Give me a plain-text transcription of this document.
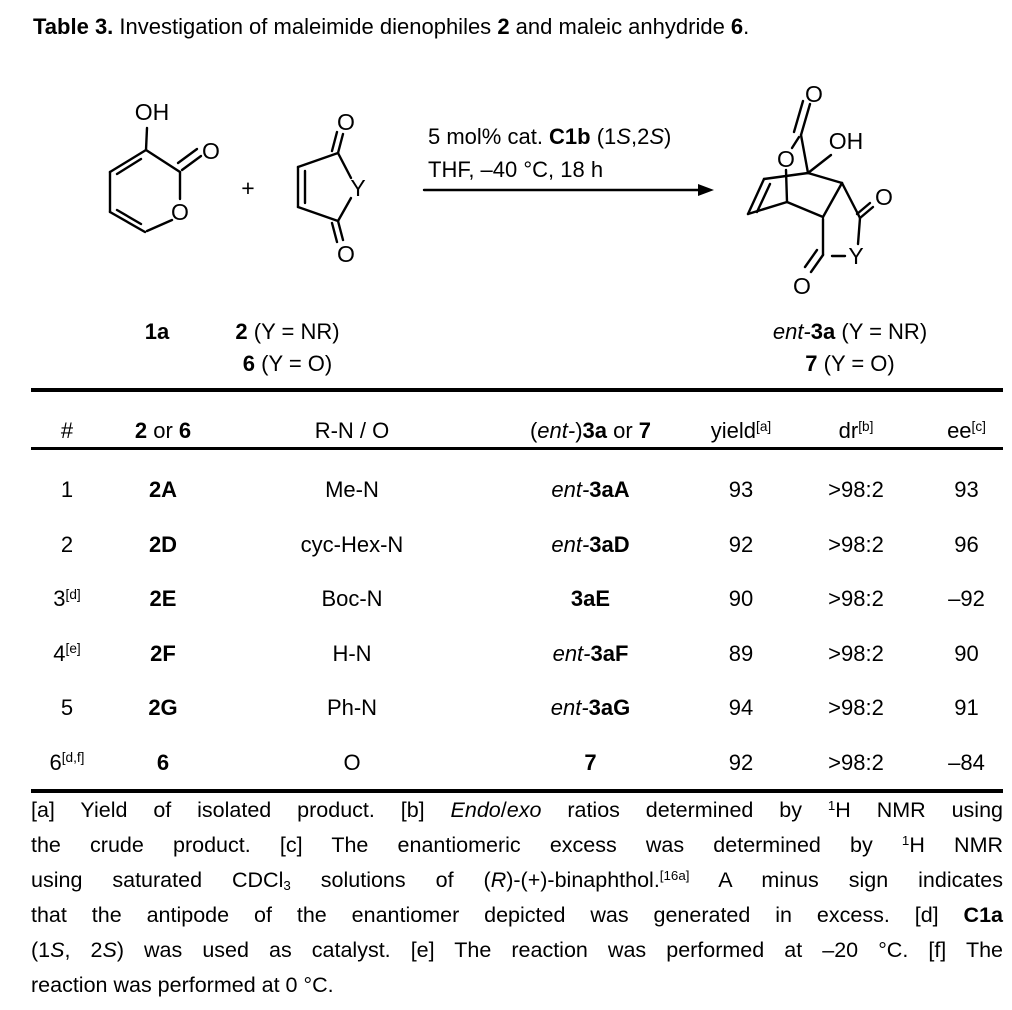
Table 3. Investigation of maleimide dienophiles 2 and maleic anhydride 6.
OH
O
O
+
O
O
Y
O
O
OH
O
O
Y
5 mol% cat. C1b (1S,2S)
THF, –40 °C, 18 h
1a	2 (Y = NR)
6 (Y = O)
ent-3a (Y = NR)
7 (Y = O)
#	2 or 6	R-N / O	(ent-)3a or 7	yield[a]	dr[b]	ee[c]
1	2A	Me-N	ent-3aA	93	>98:2	93
2	2D	cyc-Hex-N	ent-3aD	92	>98:2	96
3[d]	2E	Boc-N	3aE	90	>98:2	–92
4[e]	2F	H-N	ent-3aF	89	>98:2	90
5	2G	Ph-N	ent-3aG	94	>98:2	91
6[d,f]	6	O	7	92	>98:2	–84
[a] Yield of isolated product. [b] Endo/exo ratios determined by $^1$H NMR using
the crude product. [c] The enantiomeric excess was determined by $^1$H NMR
using saturated CDCl$_3$ solutions of (R)-(+)-binaphthol.[16a] A minus sign indicates
that the antipode of the enantiomer depicted was generated in excess. [d] C1a
(1S, 2S) was used as catalyst. [e] The reaction was performed at –20 °C. [f] The
reaction was performed at 0 °C.
